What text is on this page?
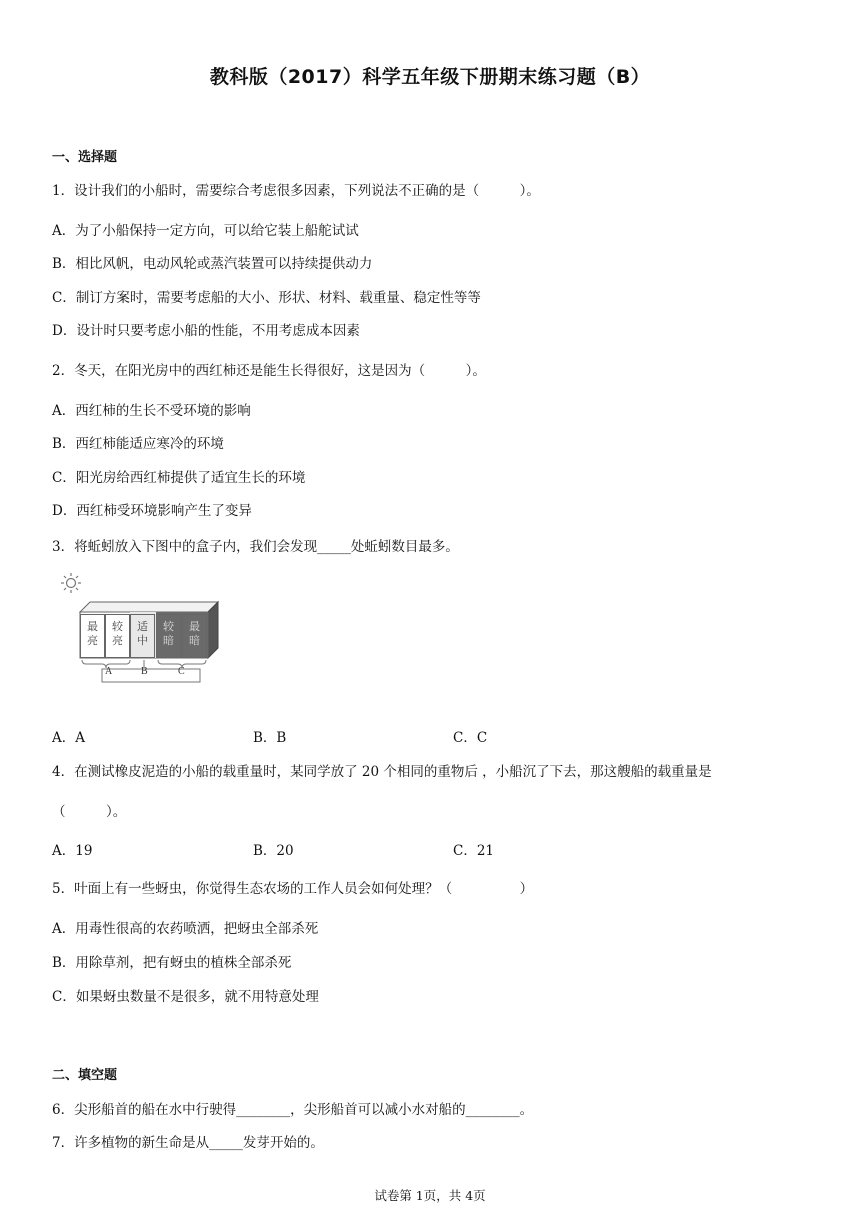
教科版（2017）科学五年级下册期末练习题（B）
一、选择题
1．设计我们的小船时，需要综合考虑很多因素，下列说法不正确的是（　　　）。
A．为了小船保持一定方向，可以给它装上船舵试试
B．相比风帆，电动风轮或蒸汽装置可以持续提供动力
C．制订方案时，需要考虑船的大小、形状、材料、载重量、稳定性等等
D．设计时只要考虑小船的性能，不用考虑成本因素
2．冬天，在阳光房中的西红柿还是能生长得很好，这是因为（　　　）。
A．西红柿的生长不受环境的影响
B．西红柿能适应寒冷的环境
C．阳光房给西红柿提供了适宜生长的环境
D．西红柿受环境影响产生了变异
3．将蚯蚓放入下图中的盒子内，我们会发现_____处蚯蚓数目最多。
最
亮
较
亮
适
中
较
暗
最
暗
A	B	C
A．A	B．B	C．C
4．在测试橡皮泥造的小船的载重量时，某同学放了 20 个相同的重物后 ，小船沉了下去，那这艘船的载重量是
（　　　）。
A．19	B．20	C．21
5．叶面上有一些蚜虫，你觉得生态农场的工作人员会如何处理？（　　　　　）
A．用毒性很高的农药喷洒，把蚜虫全部杀死
B．用除草剂，把有蚜虫的植株全部杀死
C．如果蚜虫数量不是很多，就不用特意处理
二、填空题
6．尖形船首的船在水中行驶得________，尖形船首可以减小水对船的________。
7．许多植物的新生命是从_____发芽开始的。
试卷第 1页，共 4页
